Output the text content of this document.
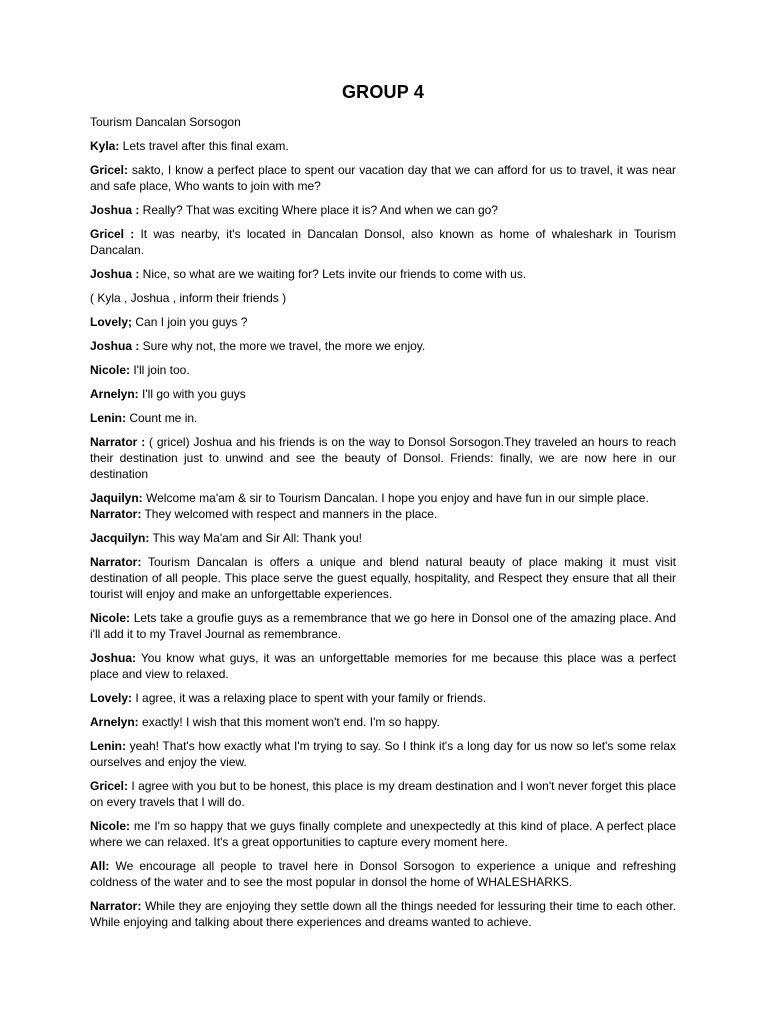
GROUP 4
Tourism Dancalan Sorsogon
Kyla: Lets travel after this final exam.
Gricel: sakto, I know a perfect place to spent our vacation day that we can afford for us to travel, it was near and safe place, Who wants to join with me?
Joshua : Really? That was exciting Where place it is? And when we can go?
Gricel : It was nearby, it's located in Dancalan Donsol, also known as home of whaleshark in Tourism Dancalan.
Joshua : Nice, so what are we waiting for? Lets invite our friends to come with us.
( Kyla , Joshua , inform their friends )
Lovely; Can I join you guys ?
Joshua : Sure why not, the more we travel, the more we enjoy.
Nicole: I'll join too.
Arnelyn: I'll go with you guys
Lenin: Count me in.
Narrator : ( gricel) Joshua and his friends is on the way to Donsol Sorsogon.They traveled an hours to reach their destination just to unwind and see the beauty of Donsol. Friends: finally, we are now here in our destination
Jaquilyn: Welcome ma'am & sir to Tourism Dancalan. I hope you enjoy and have fun in our simple place.
Narrator: They welcomed with respect and manners in the place.
Jacquilyn: This way Ma'am and Sir All: Thank you!
Narrator: Tourism Dancalan is offers a unique and blend natural beauty of place making it must visit destination of all people. This place serve the guest equally, hospitality, and Respect they ensure that all their tourist will enjoy and make an unforgettable experiences.
Nicole: Lets take a groufie guys as a remembrance that we go here in Donsol one of the amazing place. And i'll add it to my Travel Journal as remembrance.
Joshua: You know what guys, it was an unforgettable memories for me because this place was a perfect place and view to relaxed.
Lovely: I agree, it was a relaxing place to spent with your family or friends.
Arnelyn: exactly! I wish that this moment won't end. I'm so happy.
Lenin: yeah! That's how exactly what I'm trying to say. So I think it's a long day for us now so let's some relax ourselves and enjoy the view.
Gricel: I agree with you but to be honest, this place is my dream destination and I won't never forget this place on every travels that I will do.
Nicole: me I'm so happy that we guys finally complete and unexpectedly at this kind of place. A perfect place where we can relaxed. It's a great opportunities to capture every moment here.
All: We encourage all people to travel here in Donsol Sorsogon to experience a unique and refreshing coldness of the water and to see the most popular in donsol the home of WHALESHARKS.
Narrator: While they are enjoying they settle down all the things needed for lessuring their time to each other. While enjoying and talking about there experiences and dreams wanted to achieve.
